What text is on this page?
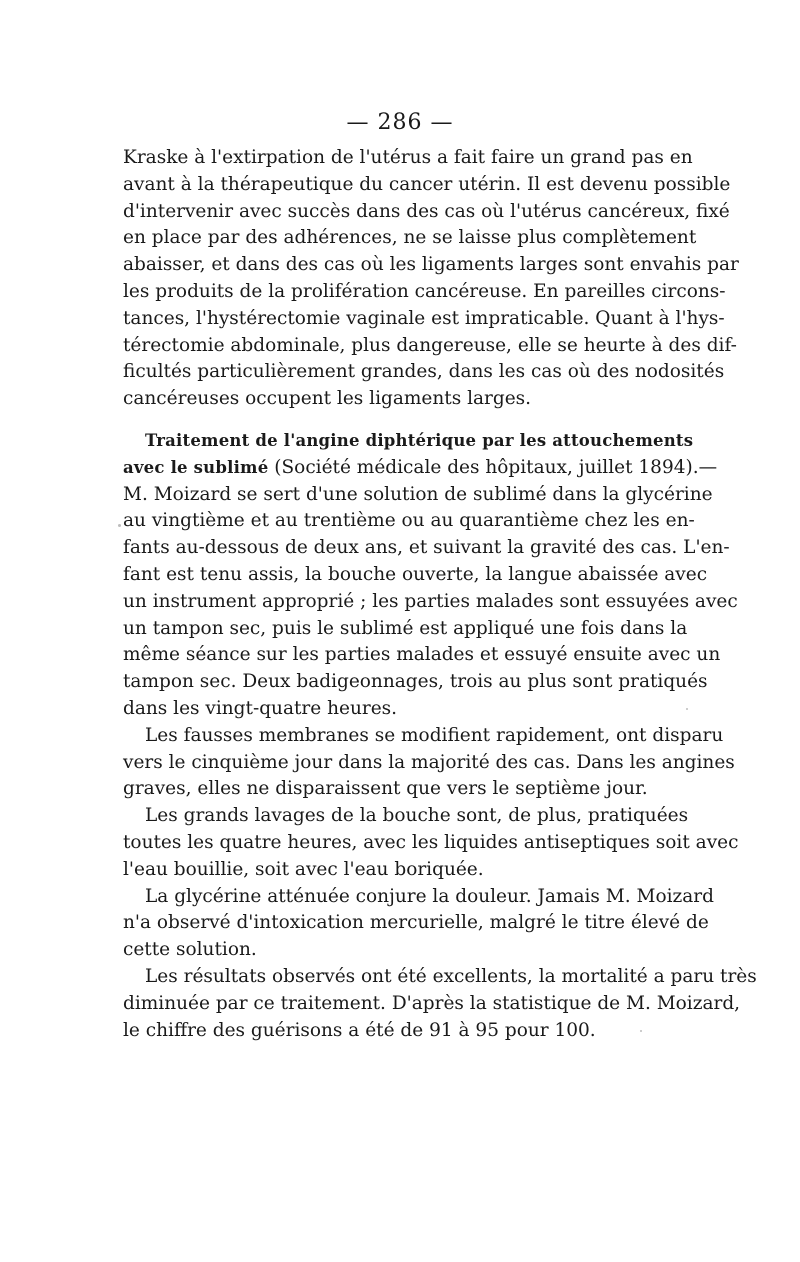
— 286 —
Kraske à l'extirpation de l'utérus a fait faire un grand pas en
avant à la thérapeutique du cancer utérin. Il est devenu possible
d'intervenir avec succès dans des cas où l'utérus cancéreux, fixé
en place par des adhérences, ne se laisse plus complètement
abaisser, et dans des cas où les ligaments larges sont envahis par
les produits de la prolifération cancéreuse. En pareilles circons-
tances, l'hystérectomie vaginale est impraticable. Quant à l'hys-
térectomie abdominale, plus dangereuse, elle se heurte à des dif-
ficultés particulièrement grandes, dans les cas où des nodosités
cancéreuses occupent les ligaments larges.
Traitement de l'angine diphtérique par les attouchements
avec le sublimé (Société médicale des hôpitaux, juillet 1894).—
M. Moizard se sert d'une solution de sublimé dans la glycérine
au vingtième et au trentième ou au quarantième chez les en-
fants au-dessous de deux ans, et suivant la gravité des cas. L'en-
fant est tenu assis, la bouche ouverte, la langue abaissée avec
un instrument approprié ; les parties malades sont essuyées avec
un tampon sec, puis le sublimé est appliqué une fois dans la
même séance sur les parties malades et essuyé ensuite avec un
tampon sec. Deux badigeonnages, trois au plus sont pratiqués
dans les vingt-quatre heures.
Les fausses membranes se modifient rapidement, ont disparu
vers le cinquième jour dans la majorité des cas. Dans les angines
graves, elles ne disparaissent que vers le septième jour.
Les grands lavages de la bouche sont, de plus, pratiquées
toutes les quatre heures, avec les liquides antiseptiques soit avec
l'eau bouillie, soit avec l'eau boriquée.
La glycérine atténuée conjure la douleur. Jamais M. Moizard
n'a observé d'intoxication mercurielle, malgré le titre élevé de
cette solution.
Les résultats observés ont été excellents, la mortalité a paru très
diminuée par ce traitement. D'après la statistique de M. Moizard,
le chiffre des guérisons a été de 91 à 95 pour 100.
